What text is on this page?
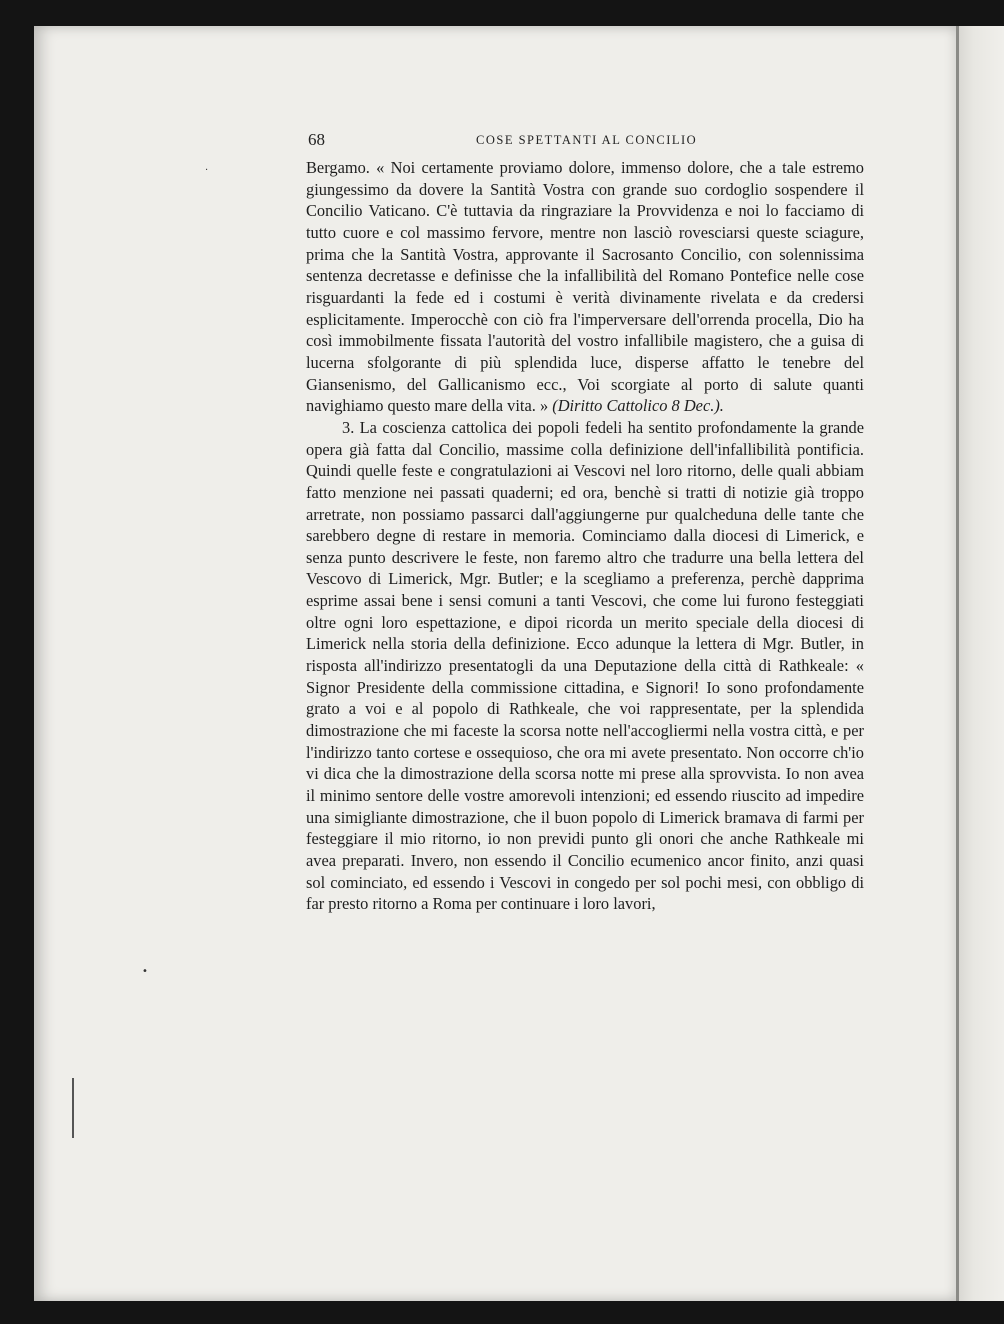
68	COSE SPETTANTI AL CONCILIO

Bergamo. « Noi certamente proviamo dolore, immenso dolore, che a tale estremo giungessimo da dovere la Santità Vostra con grande suo cordoglio sospendere il Concilio Vaticano. C'è tuttavia da ringraziare la Provvidenza e noi lo facciamo di tutto cuore e col massimo fervore, mentre non lasciò rovesciarsi queste sciagure, prima che la Santità Vostra, approvante il Sacrosanto Concilio, con solennissima sentenza decretasse e definisse che la infallibilità del Romano Pontefice nelle cose risguardanti la fede ed i costumi è verità divinamente rivelata e da credersi esplicitamente. Imperocchè con ciò fra l'imperversare dell'orrenda procella, Dio ha così immobilmente fissata l'autorità del vostro infallibile magistero, che a guisa di lucerna sfolgorante di più splendida luce, disperse affatto le tenebre del Giansenismo, del Gallicanismo ecc., Voi scorgiate al porto di salute quanti navighiamo questo mare della vita. » (Diritto Cattolico 8 Dec.).

3. La coscienza cattolica dei popoli fedeli ha sentito profondamente la grande opera già fatta dal Concilio, massime colla definizione dell'infallibilità pontificia. Quindi quelle feste e congratulazioni ai Vescovi nel loro ritorno, delle quali abbiam fatto menzione nei passati quaderni; ed ora, benchè si tratti di notizie già troppo arretrate, non possiamo passarci dall'aggiungerne pur qualcheduna delle tante che sarebbero degne di restare in memoria. Cominciamo dalla diocesi di Limerick, e senza punto descrivere le feste, non faremo altro che tradurre una bella lettera del Vescovo di Limerick, Mgr. Butler; e la scegliamo a preferenza, perchè dapprima esprime assai bene i sensi comuni a tanti Vescovi, che come lui furono festeggiati oltre ogni loro espettazione, e dipoi ricorda un merito speciale della diocesi di Limerick nella storia della definizione. Ecco adunque la lettera di Mgr. Butler, in risposta all'indirizzo presentatogli da una Deputazione della città di Rathkeale: « Signor Presidente della commissione cittadina, e Signori! Io sono profondamente grato a voi e al popolo di Rathkeale, che voi rappresentate, per la splendida dimostrazione che mi faceste la scorsa notte nell'accogliermi nella vostra città, e per l'indirizzo tanto cortese e ossequioso, che ora mi avete presentato. Non occorre ch'io vi dica che la dimostrazione della scorsa notte mi prese alla sprovvista. Io non avea il minimo sentore delle vostre amorevoli intenzioni; ed essendo riuscito ad impedire una simigliante dimostrazione, che il buon popolo di Limerick bramava di farmi per festeggiare il mio ritorno, io non previdi punto gli onori che anche Rathkeale mi avea preparati. Invero, non essendo il Concilio ecumenico ancor finito, anzi quasi sol cominciato, ed essendo i Vescovi in congedo per sol pochi mesi, con obbligo di far presto ritorno a Roma per continuare i loro lavori,

·
•
